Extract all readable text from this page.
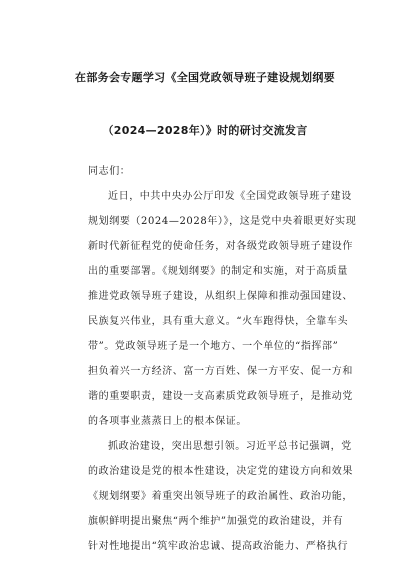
在部务会专题学习《全国党政领导班子建设规划纲要
（2024—2028年）》时的研讨交流发言
同志们：
近日，中共中央办公厅印发《全国党政领导班子建设
规划纲要（2024—2028年）》，这是党中央着眼更好实现
新时代新征程党的使命任务，对各级党政领导班子建设作
出的重要部署。《规划纲要》的制定和实施，对于高质量
推进党政领导班子建设，从组织上保障和推动强国建设、
民族复兴伟业，具有重大意义。“火车跑得快，全靠车头
带”。党政领导班子是一个地方、一个单位的“指挥部”
担负着兴一方经济、富一方百姓、保一方平安、促一方和
谐的重要职责，建设一支高素质党政领导班子，是推动党
的各项事业蒸蒸日上的根本保证。
抓政治建设，突出思想引领。习近平总书记强调，党
的政治建设是党的根本性建设，决定党的建设方向和效果
《规划纲要》着重突出领导班子的政治属性、政治功能，
旗帜鲜明提出聚焦“两个维护”加强党的政治建设，并有
针对性地提出“筑牢政治忠诚、提高政治能力、严格执行
